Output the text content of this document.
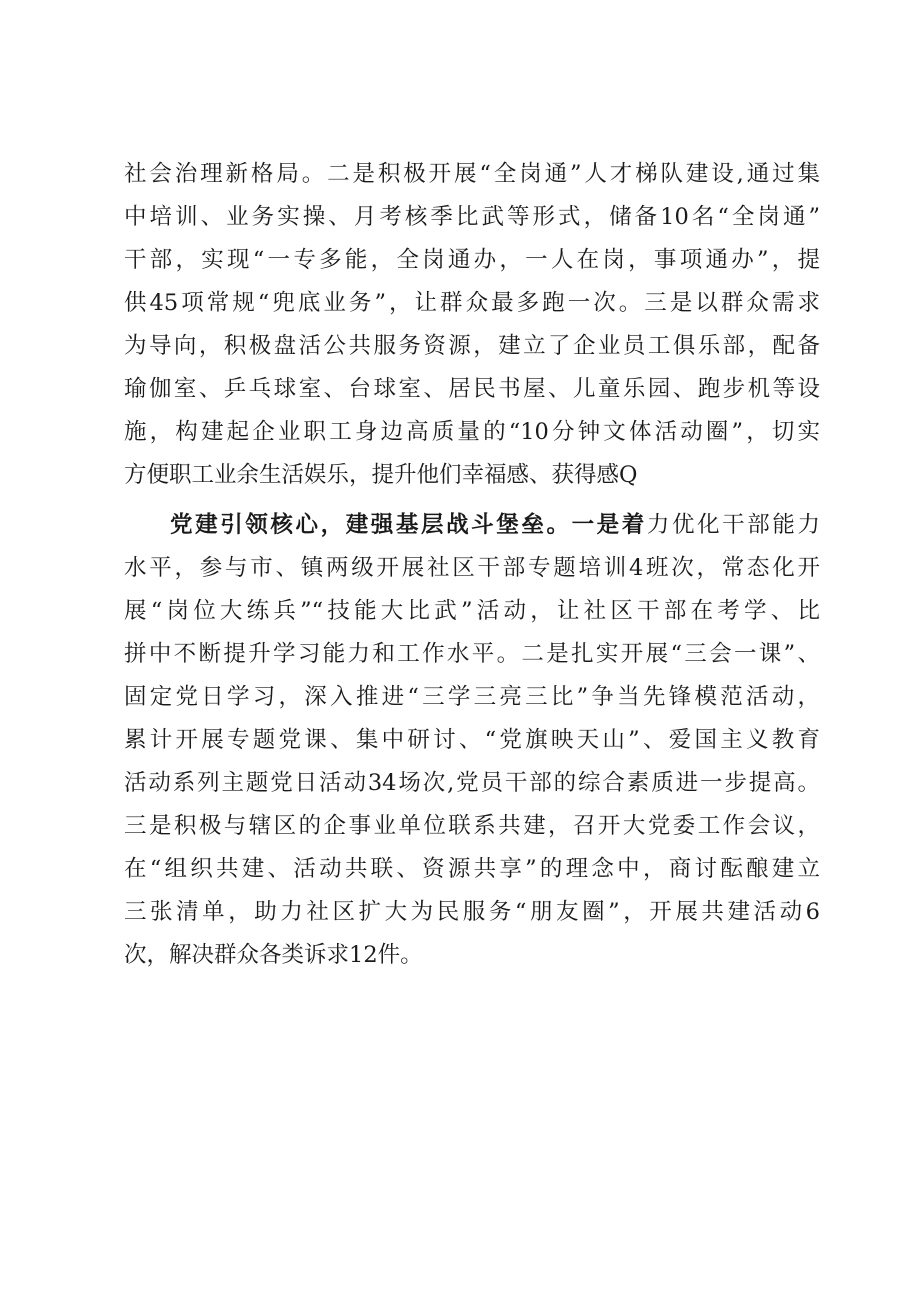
社会治理新格局。二是积极开展“全岗通”人才梯队建设,通过集
中培训、业务实操、月考核季比武等形式，储备10名“全岗通”
干部，实现“一专多能，全岗通办，一人在岗，事项通办”，提
供45项常规“兜底业务”，让群众最多跑一次。三是以群众需求
为导向，积极盘活公共服务资源，建立了企业员工俱乐部，配备
瑜伽室、乒乓球室、台球室、居民书屋、儿童乐园、跑步机等设
施，构建起企业职工身边高质量的“10分钟文体活动圈”，切实
方便职工业余生活娱乐，提升他们幸福感、获得感Q
党建引领核心，建强基层战斗堡垒。一是着力优化干部能力
水平，参与市、镇两级开展社区干部专题培训4班次，常态化开
展“岗位大练兵”“技能大比武”活动，让社区干部在考学、比
拼中不断提升学习能力和工作水平。二是扎实开展“三会一课”、
固定党日学习，深入推进“三学三亮三比”争当先锋模范活动，
累计开展专题党课、集中研讨、“党旗映天山”、爱国主义教育
活动系列主题党日活动34场次,党员干部的综合素质进一步提高。
三是积极与辖区的企事业单位联系共建，召开大党委工作会议，
在“组织共建、活动共联、资源共享”的理念中，商讨酝酿建立
三张清单，助力社区扩大为民服务“朋友圈”，开展共建活动6
次，解决群众各类诉求12件。
